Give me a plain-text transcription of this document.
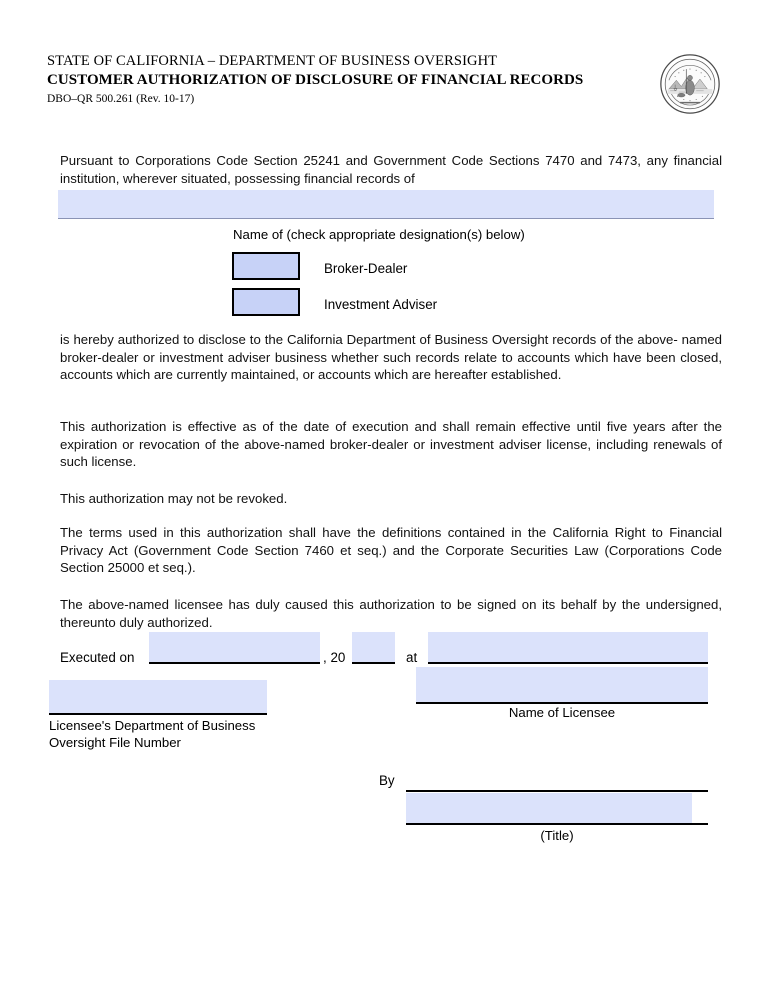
STATE OF CALIFORNIA – DEPARTMENT OF BUSINESS OVERSIGHT
CUSTOMER AUTHORIZATION OF DISCLOSURE OF FINANCIAL RECORDS
DBO–QR 500.261 (Rev. 10-17)
Pursuant to Corporations Code Section 25241 and Government Code Sections 7470 and 7473, any financial institution, wherever situated, possessing financial records of
Name of (check appropriate designation(s) below)
Broker-Dealer
Investment Adviser
is hereby authorized to disclose to the California Department of Business Oversight records of the above- named broker-dealer or investment adviser business whether such records relate to accounts which have been closed, accounts which are currently maintained, or accounts which are hereafter established.
This authorization is effective as of the date of execution and shall remain effective until five years after the expiration or revocation of the above-named broker-dealer or investment adviser license, including renewals of such license.
This authorization may not be revoked.
The terms used in this authorization shall have the definitions contained in the California Right to Financial Privacy Act (Government Code Section 7460 et seq.) and the Corporate Securities Law (Corporations Code Section 25000 et seq.).
The above-named licensee has duly caused this authorization to be signed on its behalf by the undersigned, thereunto duly authorized.
Executed on	, 20	at
Name of Licensee
Licensee's Department of Business Oversight File Number
By
(Title)
